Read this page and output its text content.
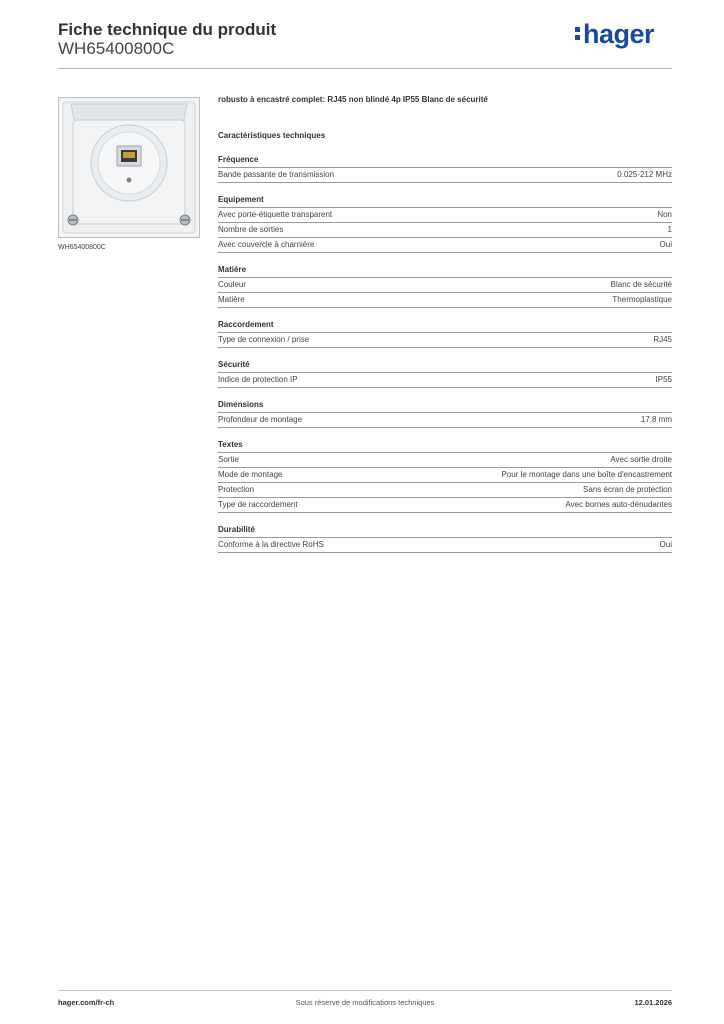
Fiche technique du produit
WH65400800C	hager
WH65400800C
robusto à encastré complet: RJ45 non blindé 4p IP55 Blanc de sécurité
Caractéristiques techniques
Fréquence
Bande passante de transmission	0.025-212 MHz
Equipement
Avec porte-étiquette transparent	Non
Nombre de sorties	1
Avec couvercle à charnière	Oui
Matière
Couleur	Blanc de sécurité
Matière	Thermoplastique
Raccordement
Type de connexion / prise	RJ45
Sécurité
Indice de protection IP	IP55
Dimensions
Profondeur de montage	17.8 mm
Textes
Sortie	Avec sortie droite
Mode de montage	Pour le montage dans une boîte d'encastrement
Protection	Sans écran de protection
Type de raccordement	Avec bornes auto-dénudantes
Durabilité
Conforme à la directive RoHS	Oui
hager.com/fr-ch	Sous réserve de modifications techniques	12.01.2026
